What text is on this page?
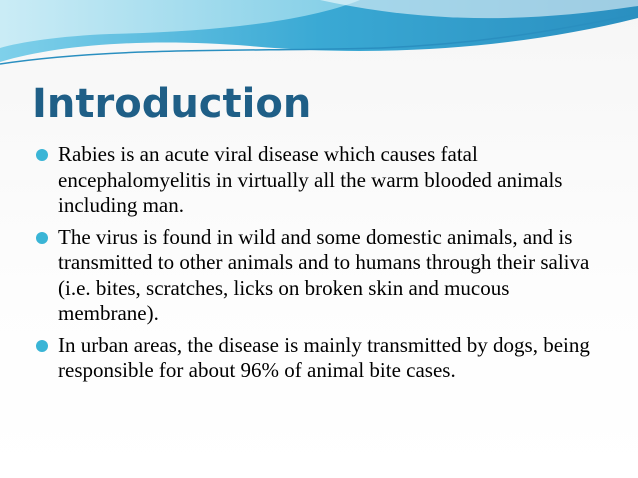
Introduction
Rabies is an acute viral disease which causes fatal encephalomyelitis in virtually all the warm blooded animals including man.
The virus is found in wild and some domestic animals, and is transmitted to other animals and to humans through their saliva (i.e. bites, scratches, licks on broken skin and mucous membrane).
In urban areas, the disease is mainly transmitted by dogs, being responsible for about 96% of animal bite cases.
